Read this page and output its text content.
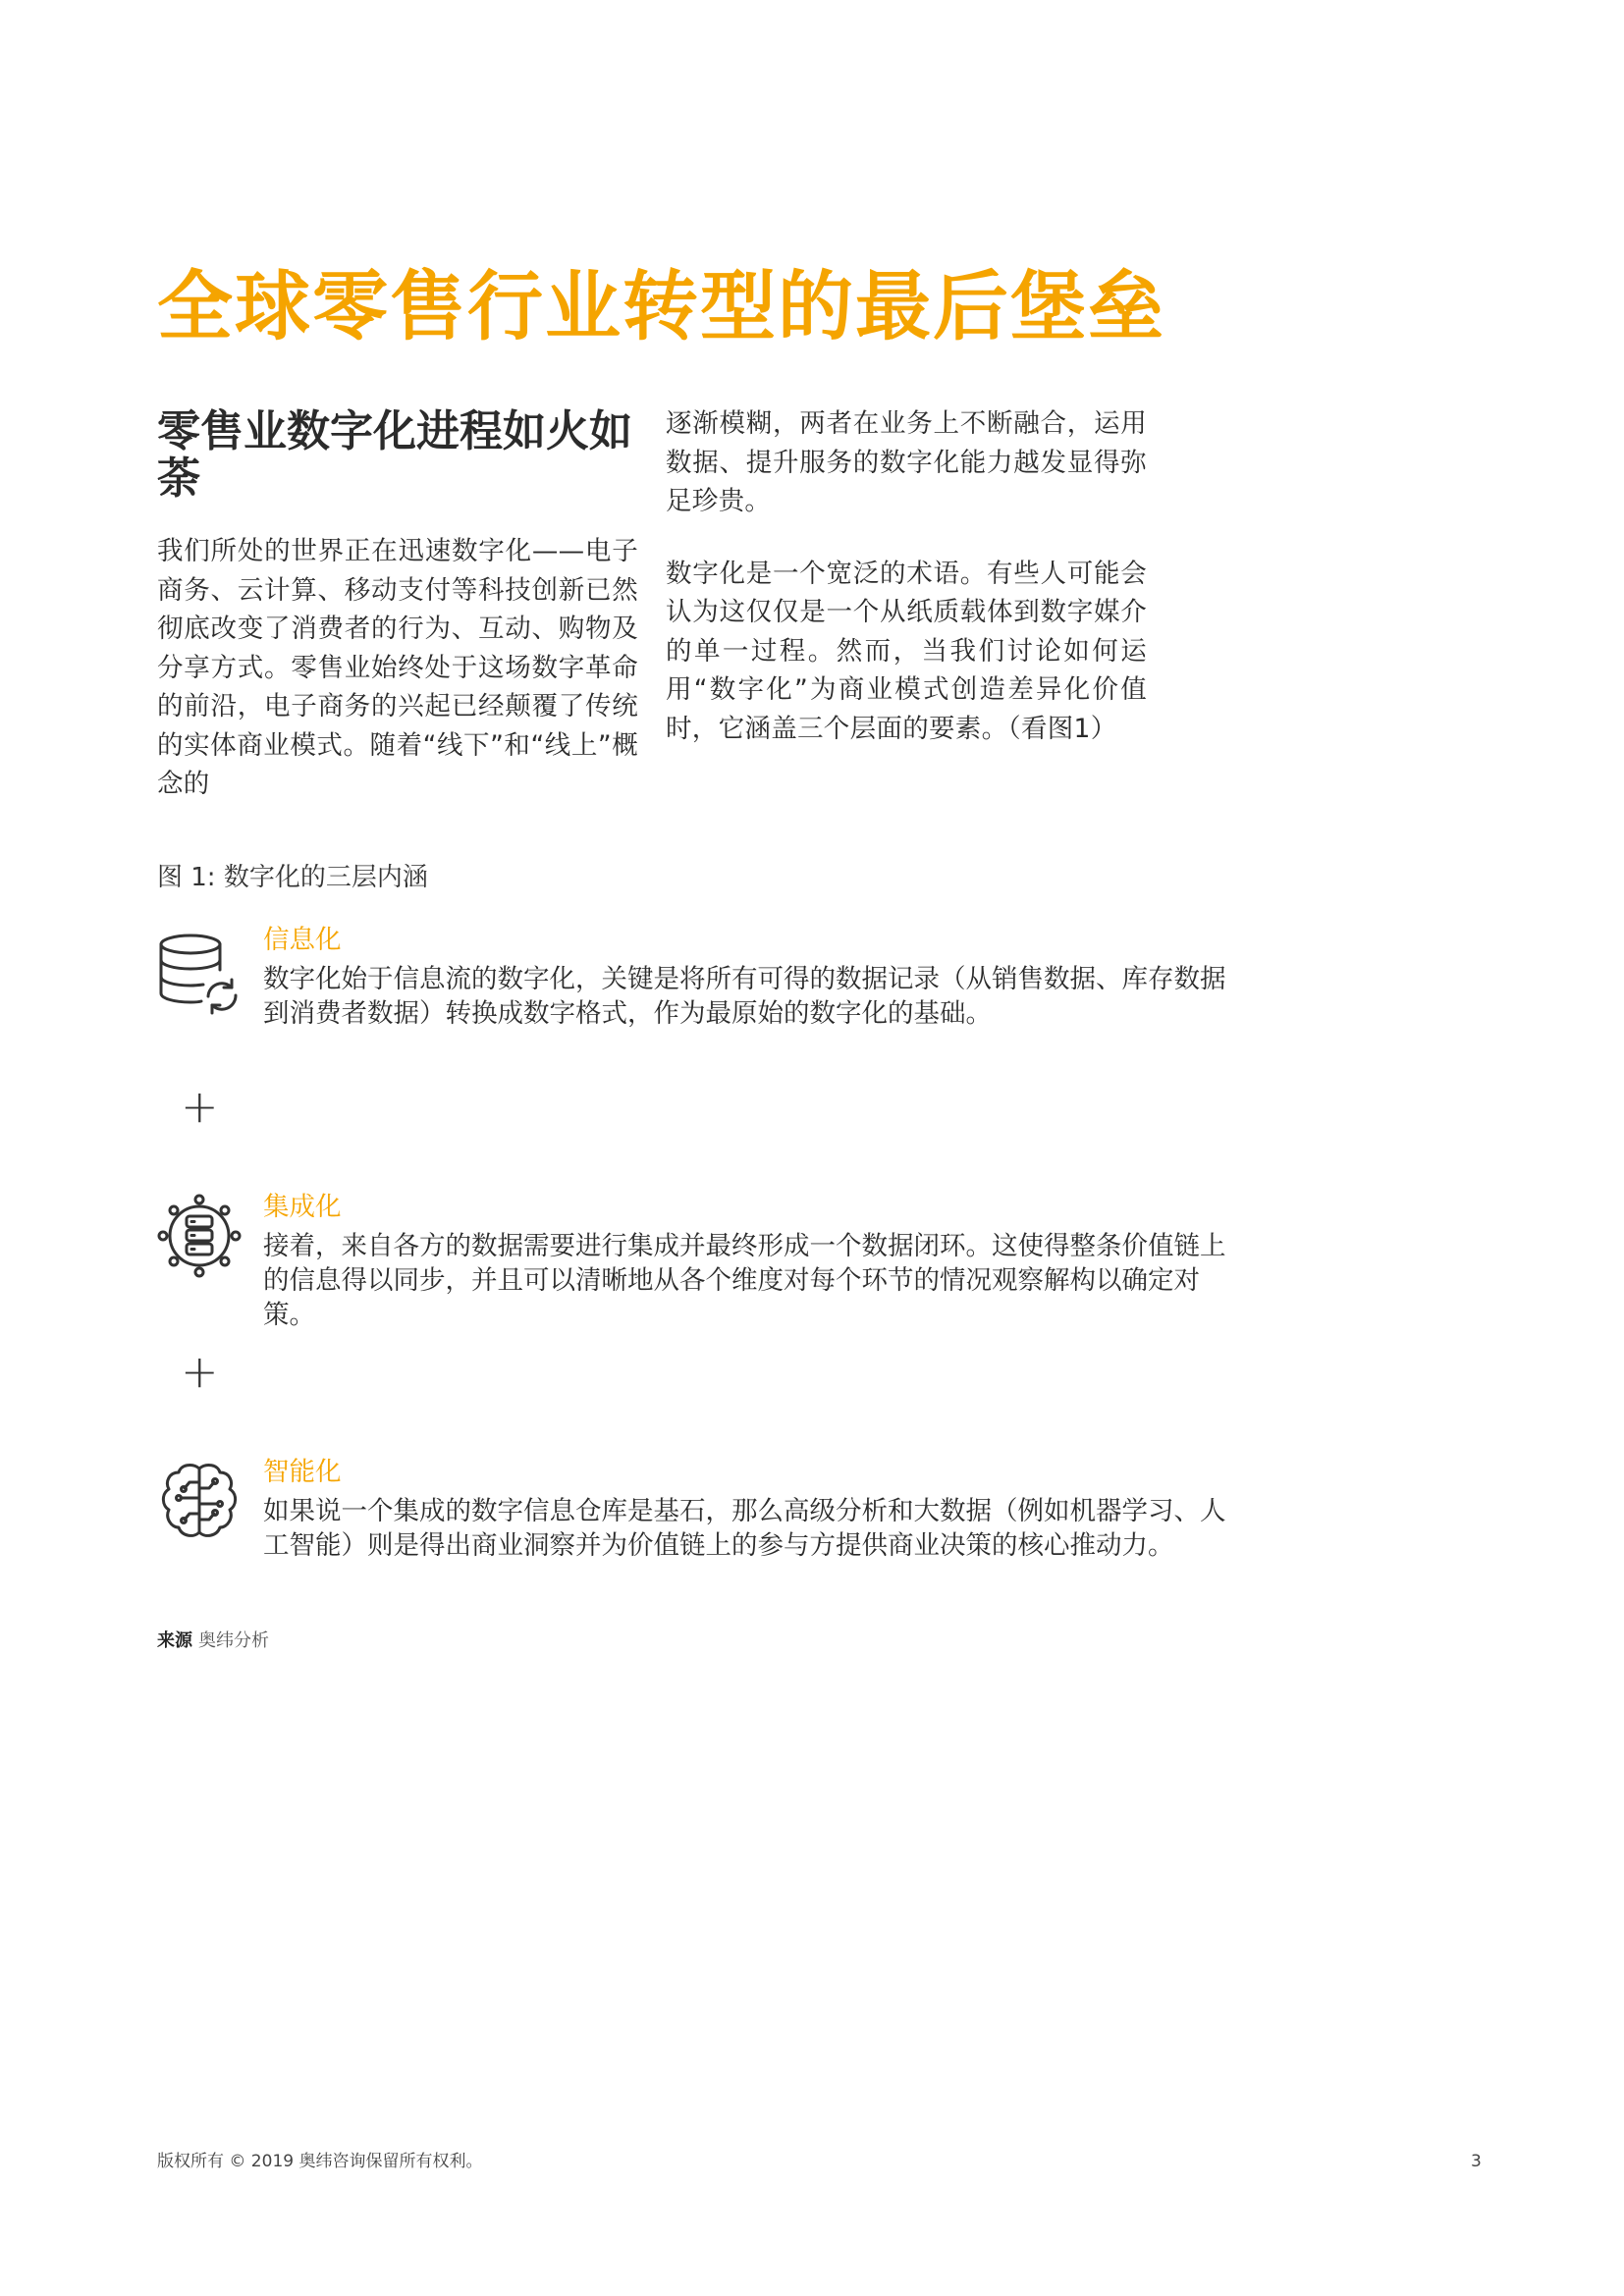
全球零售行业转型的最后堡垒
零售业数字化进程如火如荼

我们所处的世界正在迅速数字化——电子商务、云计算、移动支付等科技创新已然彻底改变了消费者的行为、互动、购物及分享方式。零售业始终处于这场数字革命的前沿，电子商务的兴起已经颠覆了传统的实体商业模式。随着“线下”和“线上”概念的

逐渐模糊，两者在业务上不断融合，运用数据、提升服务的数字化能力越发显得弥足珍贵。

数字化是一个宽泛的术语。有些人可能会认为这仅仅是一个从纸质载体到数字媒介的单一过程。然而，当我们讨论如何运用“数字化”为商业模式创造差异化价值时，它涵盖三个层面的要素。（看图1）

图 1: 数字化的三层内涵
信息化

数字化始于信息流的数字化，关键是将所有可得的数据记录（从销售数据、库存数据到消费者数据）转换成数字格式，作为最原始的数字化的基础。

+
集成化

接着，来自各方的数据需要进行集成并最终形成一个数据闭环。这使得整条价值链上的信息得以同步，并且可以清晰地从各个维度对每个环节的情况观察解构以确定对策。

+
智能化

如果说一个集成的数字信息仓库是基石，那么高级分析和大数据（例如机器学习、人工智能）则是得出商业洞察并为价值链上的参与方提供商业决策的核心推动力。

来源 奥纬分析
版权所有 © 2019 奥纬咨询保留所有权利。	3
